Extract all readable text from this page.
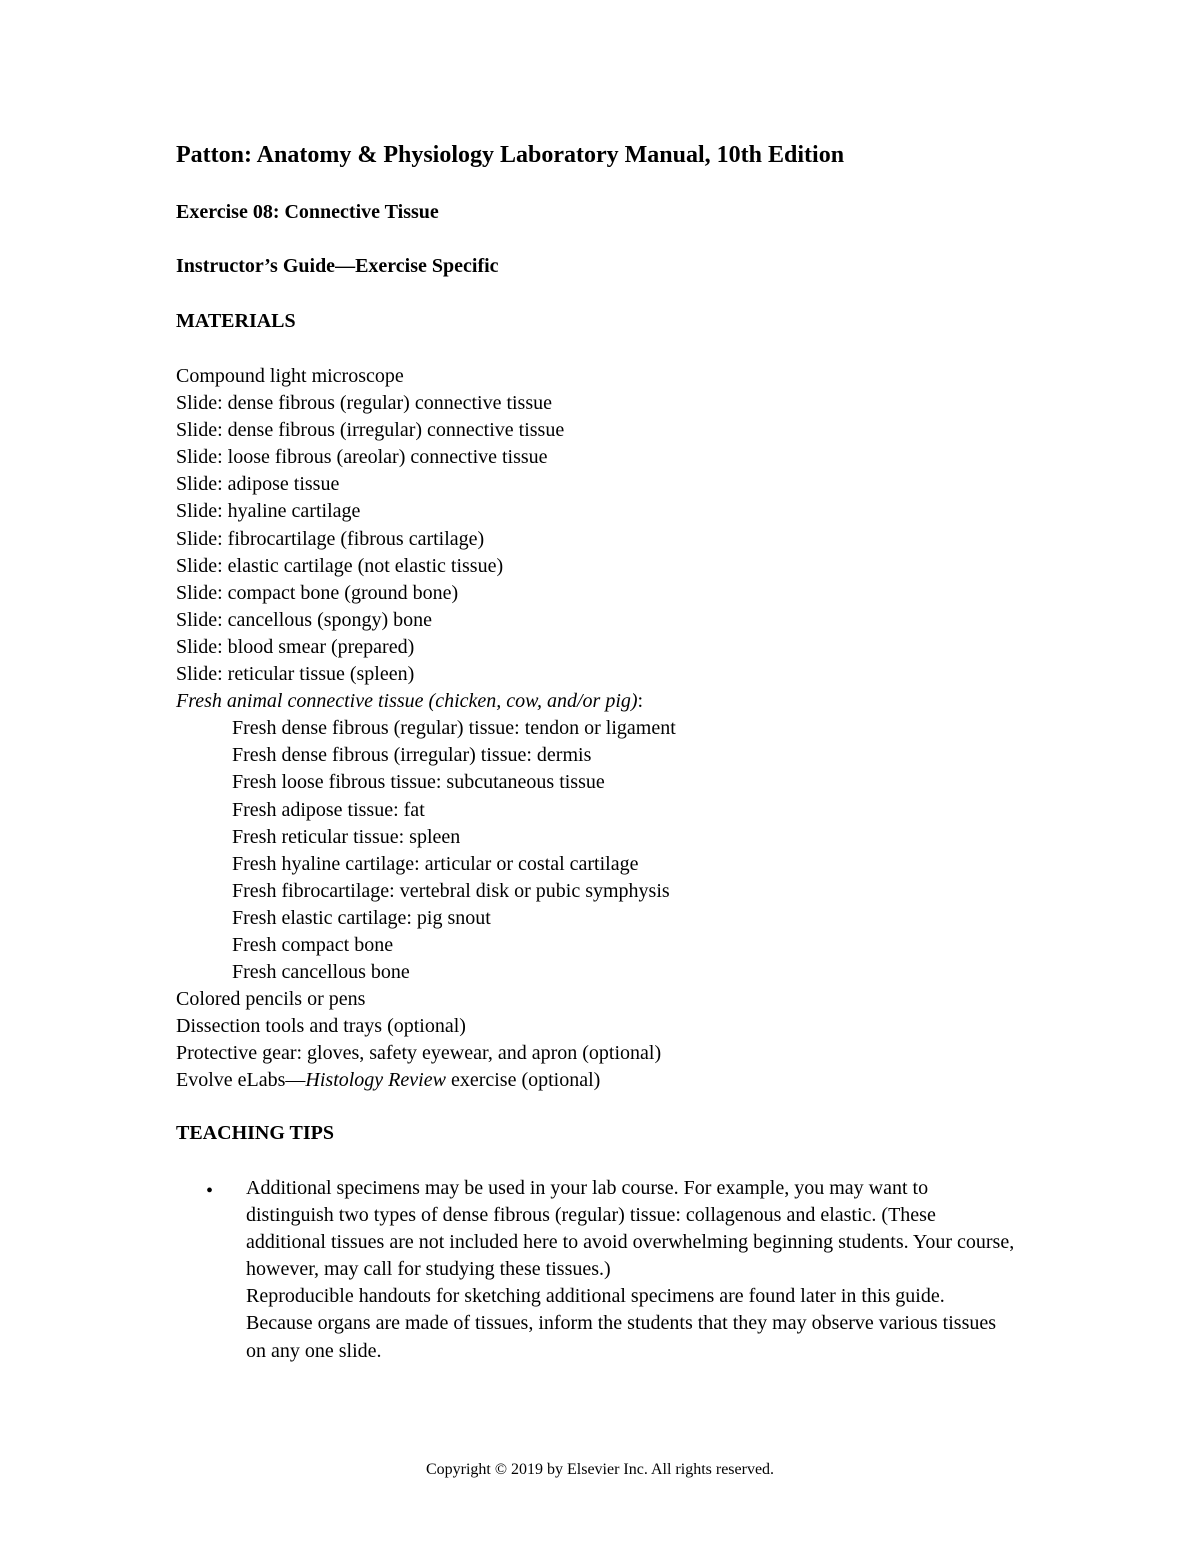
Patton: Anatomy & Physiology Laboratory Manual, 10th Edition
Exercise 08: Connective Tissue
Instructor’s Guide—Exercise Specific
MATERIALS
Compound light microscope
Slide: dense fibrous (regular) connective tissue
Slide: dense fibrous (irregular) connective tissue
Slide: loose fibrous (areolar) connective tissue
Slide: adipose tissue
Slide: hyaline cartilage
Slide: fibrocartilage (fibrous cartilage)
Slide: elastic cartilage (not elastic tissue)
Slide: compact bone (ground bone)
Slide: cancellous (spongy) bone
Slide: blood smear (prepared)
Slide: reticular tissue (spleen)
Fresh animal connective tissue (chicken, cow, and/or pig):
Fresh dense fibrous (regular) tissue: tendon or ligament
Fresh dense fibrous (irregular) tissue: dermis
Fresh loose fibrous tissue: subcutaneous tissue
Fresh adipose tissue: fat
Fresh reticular tissue: spleen
Fresh hyaline cartilage: articular or costal cartilage
Fresh fibrocartilage: vertebral disk or pubic symphysis
Fresh elastic cartilage: pig snout
Fresh compact bone
Fresh cancellous bone
Colored pencils or pens
Dissection tools and trays (optional)
Protective gear: gloves, safety eyewear, and apron (optional)
Evolve eLabs—Histology Review exercise (optional)
TEACHING TIPS
• Additional specimens may be used in your lab course. For example, you may want to distinguish two types of dense fibrous (regular) tissue: collagenous and elastic. (These additional tissues are not included here to avoid overwhelming beginning students. Your course, however, may call for studying these tissues.)

Reproducible handouts for sketching additional specimens are found later in this guide.

Because organs are made of tissues, inform the students that they may observe various tissues on any one slide.

Copyright © 2019 by Elsevier Inc. All rights reserved.
